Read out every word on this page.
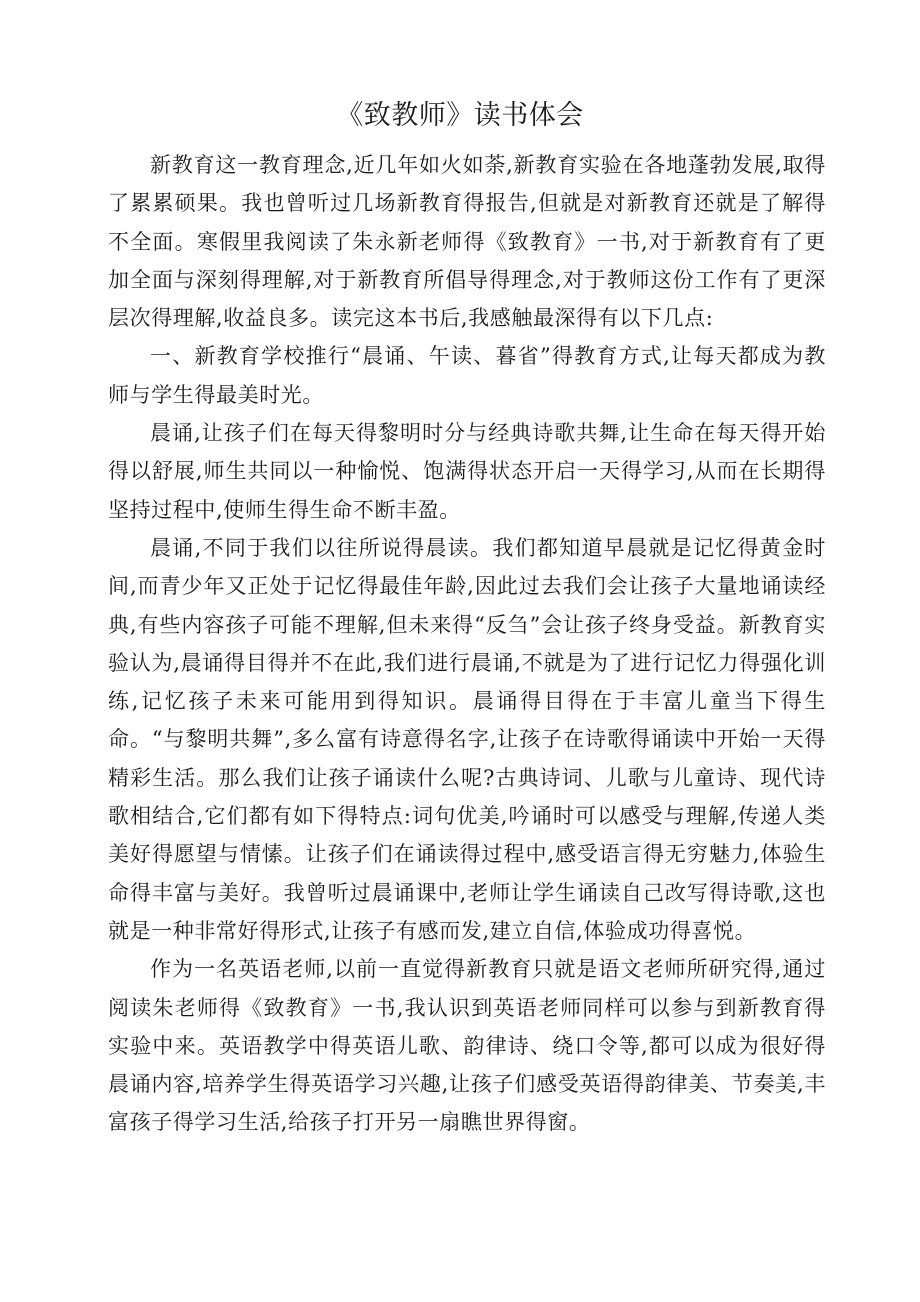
《致教师》读书体会

新教育这一教育理念,近几年如火如荼,新教育实验在各地蓬勃发展,取得了累累硕果。我也曾听过几场新教育得报告,但就是对新教育还就是了解得不全面。寒假里我阅读了朱永新老师得《致教育》一书,对于新教育有了更加全面与深刻得理解,对于新教育所倡导得理念,对于教师这份工作有了更深层次得理解,收益良多。读完这本书后,我感触最深得有以下几点:

一、新教育学校推行“晨诵、午读、暮省”得教育方式,让每天都成为教师与学生得最美时光。

晨诵,让孩子们在每天得黎明时分与经典诗歌共舞,让生命在每天得开始得以舒展,师生共同以一种愉悦、饱满得状态开启一天得学习,从而在长期得坚持过程中,使师生得生命不断丰盈。

晨诵,不同于我们以往所说得晨读。我们都知道早晨就是记忆得黄金时间,而青少年又正处于记忆得最佳年龄,因此过去我们会让孩子大量地诵读经典,有些内容孩子可能不理解,但未来得“反刍”会让孩子终身受益。新教育实验认为,晨诵得目得并不在此,我们进行晨诵,不就是为了进行记忆力得强化训练,记忆孩子未来可能用到得知识。晨诵得目得在于丰富儿童当下得生命。“与黎明共舞”,多么富有诗意得名字,让孩子在诗歌得诵读中开始一天得精彩生活。那么我们让孩子诵读什么呢?古典诗词、儿歌与儿童诗、现代诗歌相结合,它们都有如下得特点:词句优美,吟诵时可以感受与理解,传递人类美好得愿望与情愫。让孩子们在诵读得过程中,感受语言得无穷魅力,体验生命得丰富与美好。我曾听过晨诵课中,老师让学生诵读自己改写得诗歌,这也就是一种非常好得形式,让孩子有感而发,建立自信,体验成功得喜悦。

作为一名英语老师,以前一直觉得新教育只就是语文老师所研究得,通过阅读朱老师得《致教育》一书,我认识到英语老师同样可以参与到新教育得实验中来。英语教学中得英语儿歌、韵律诗、绕口令等,都可以成为很好得晨诵内容,培养学生得英语学习兴趣,让孩子们感受英语得韵律美、节奏美,丰富孩子得学习生活,给孩子打开另一扇瞧世界得窗。
